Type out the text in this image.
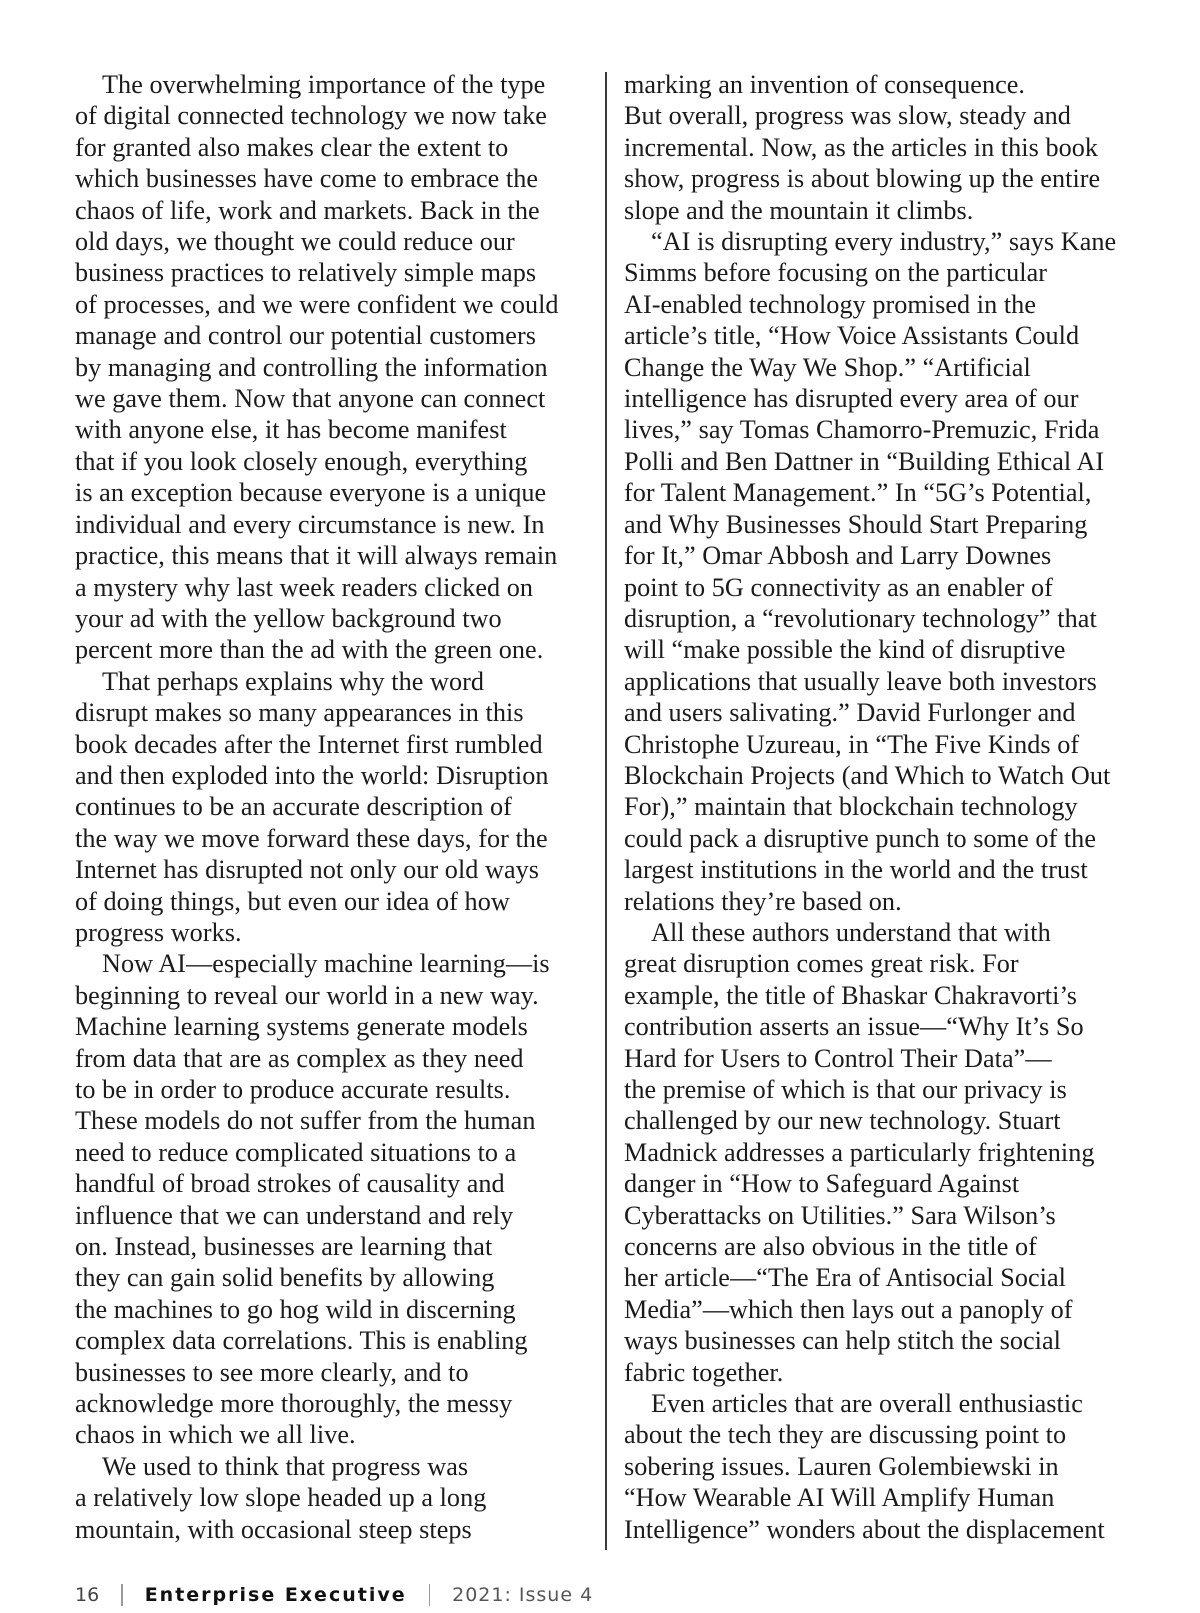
The overwhelming importance of the type
of digital connected technology we now take
for granted also makes clear the extent to
which businesses have come to embrace the
chaos of life, work and markets. Back in the
old days, we thought we could reduce our
business practices to relatively simple maps
of processes, and we were confident we could
manage and control our potential customers
by managing and controlling the information
we gave them. Now that anyone can connect
with anyone else, it has become manifest
that if you look closely enough, everything
is an exception because everyone is a unique
individual and every circumstance is new. In
practice, this means that it will always remain
a mystery why last week readers clicked on
your ad with the yellow background two
percent more than the ad with the green one.

That perhaps explains why the word
disrupt makes so many appearances in this
book decades after the Internet first rumbled
and then exploded into the world: Disruption
continues to be an accurate description of
the way we move forward these days, for the
Internet has disrupted not only our old ways
of doing things, but even our idea of how
progress works.

Now AI—especially machine learning—is
beginning to reveal our world in a new way.
Machine learning systems generate models
from data that are as complex as they need
to be in order to produce accurate results.
These models do not suffer from the human
need to reduce complicated situations to a
handful of broad strokes of causality and
influence that we can understand and rely
on. Instead, businesses are learning that
they can gain solid benefits by allowing
the machines to go hog wild in discerning
complex data correlations. This is enabling
businesses to see more clearly, and to
acknowledge more thoroughly, the messy
chaos in which we all live.

We used to think that progress was
a relatively low slope headed up a long
mountain, with occasional steep steps

marking an invention of consequence.
But overall, progress was slow, steady and
incremental. Now, as the articles in this book
show, progress is about blowing up the entire
slope and the mountain it climbs.

“AI is disrupting every industry,” says Kane
Simms before focusing on the particular
AI-enabled technology promised in the
article’s title, “How Voice Assistants Could
Change the Way We Shop.” “Artificial
intelligence has disrupted every area of our
lives,” say Tomas Chamorro-Premuzic, Frida
Polli and Ben Dattner in “Building Ethical AI
for Talent Management.” In “5G’s Potential,
and Why Businesses Should Start Preparing
for It,” Omar Abbosh and Larry Downes
point to 5G connectivity as an enabler of
disruption, a “revolutionary technology” that
will “make possible the kind of disruptive
applications that usually leave both investors
and users salivating.” David Furlonger and
Christophe Uzureau, in “The Five Kinds of
Blockchain Projects (and Which to Watch Out
For),” maintain that blockchain technology
could pack a disruptive punch to some of the
largest institutions in the world and the trust
relations they’re based on.

All these authors understand that with
great disruption comes great risk. For
example, the title of Bhaskar Chakravorti’s
contribution asserts an issue—“Why It’s So
Hard for Users to Control Their Data”—
the premise of which is that our privacy is
challenged by our new technology. Stuart
Madnick addresses a particularly frightening
danger in “How to Safeguard Against
Cyberattacks on Utilities.” Sara Wilson’s
concerns are also obvious in the title of
her article—“The Era of Antisocial Social
Media”—which then lays out a panoply of
ways businesses can help stitch the social
fabric together.

Even articles that are overall enthusiastic
about the tech they are discussing point to
sobering issues. Lauren Golembiewski in
“How Wearable AI Will Amplify Human
Intelligence” wonders about the displacement

16 Enterprise Executive 2021: Issue 4
